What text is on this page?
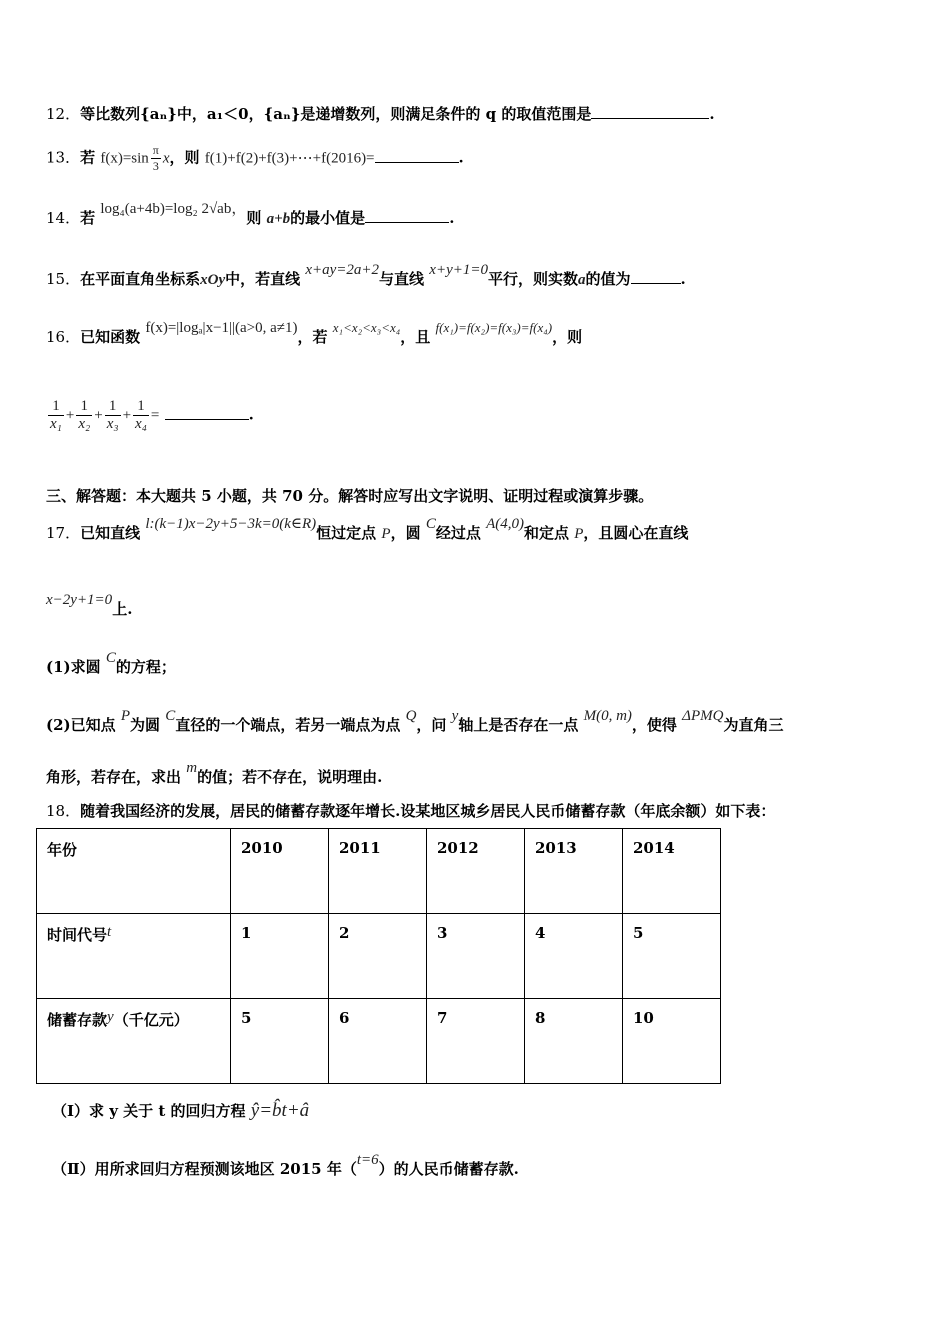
12．等比数列{aₙ}中，a₁＜0，{aₙ}是递增数列，则满足条件的 q 的取值范围是	.
13．若 $f(x)=\sin \frac{\pi}{3}$ x，则 f(1)+f(2)+f(3)+⋯+f(2016)=	.
14．若 log₄(a+4b)=log₂ 2√ab，则 a+b的最小值是	.
15．在平面直角坐标系xOy中，若直线 x+ay=2a+2与直线 x+y+1=0平行，则实数a的值为	.
16．已知函数 f(x)=|logₐ|x−1||(a>0, a≠1)，若 x₁<x₂<x₃<x₄，且 f(x₁)=f(x₂)=f(x₃)=f(x₄)，则
$\frac{1}{\text{x₁}} + \frac{1}{\text{x₂}} + \frac{1}{\text{x₃}} + \frac{1}{\text{x₄}}$ =	.
三、解答题：本大题共 5 小题，共 70 分。解答时应写出文字说明、证明过程或演算步骤。
17．已知直线 l:(k−1)x−2y+5−3k=0(k∈R)恒过定点 P，圆 C经过点 A(4,0)和定点 P，且圆心在直线
x−2y+1=0上.
(1)求圆 C的方程；
(2)已知点 P为圆 C直径的一个端点，若另一端点为点 Q，问 y轴上是否存在一点 M(0, m)，使得 ΔPMQ为直角三
角形，若存在，求出 m的值；若不存在，说明理由.
18．随着我国经济的发展，居民的储蓄存款逐年增长.设某地区城乡居民人民币储蓄存款（年底余额）如下表：
年份	2010	2011	2012	2013	2014
时间代号t	1	2	3	4	5
储蓄存款y（千亿元）	5	6	7	8	10
（Ⅰ）求 y 关于 t 的回归方程 ŷ=b̂t+â
（Ⅱ）用所求回归方程预测该地区 2015 年（t=6）的人民币储蓄存款.
